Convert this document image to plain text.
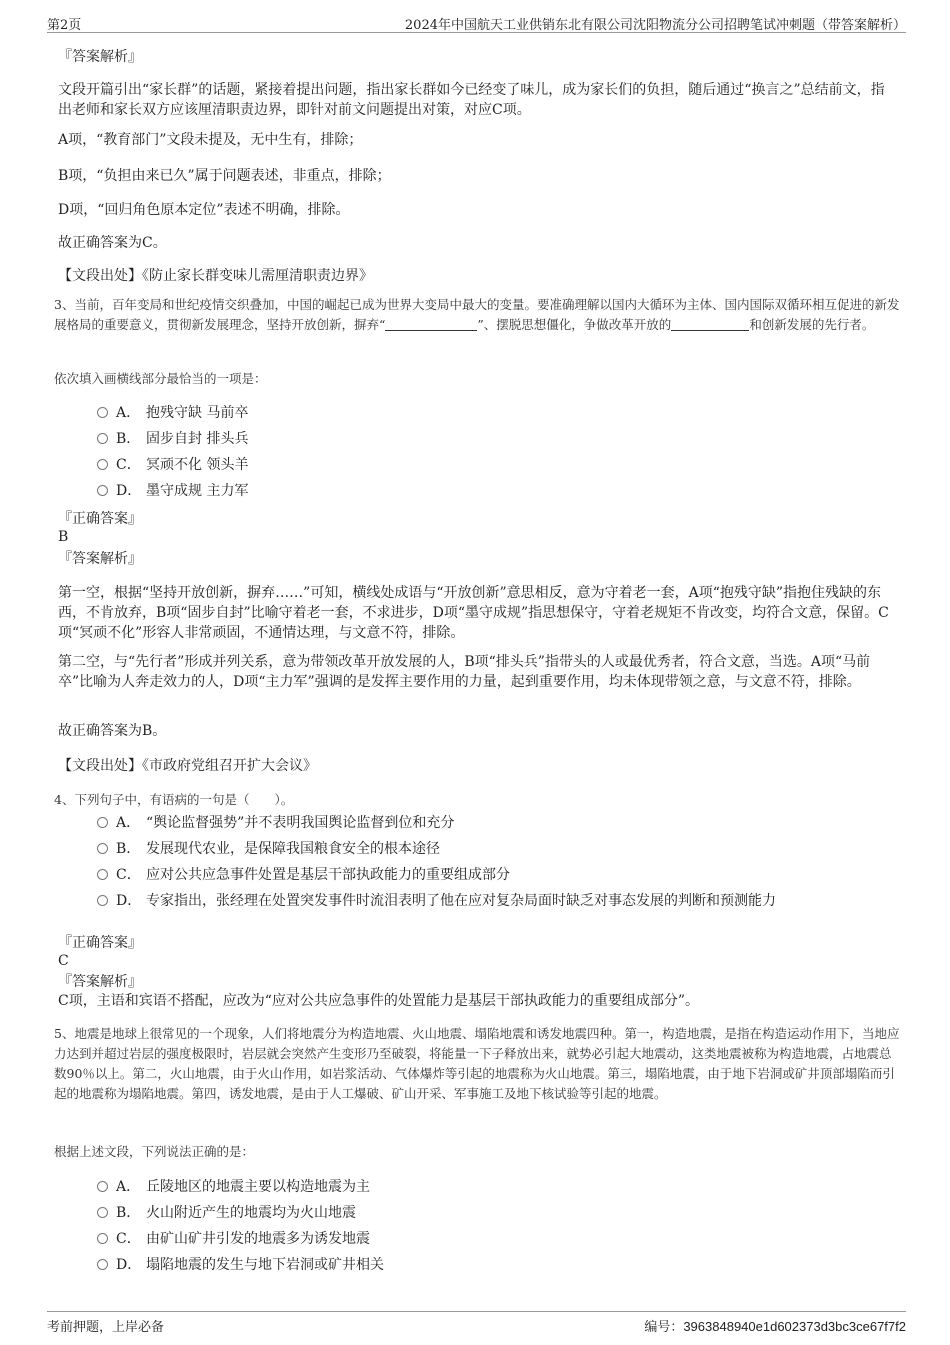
第2页	2024年中国航天工业供销东北有限公司沈阳物流分公司招聘笔试冲刺题（带答案解析）

『答案解析』

文段开篇引出“家长群”的话题，紧接着提出问题，指出家长群如今已经变了味儿，成为家长们的负担，随后通过“换言之”总结前文，指出老师和家长双方应该厘清职责边界，即针对前文问题提出对策，对应C项。

A项，“教育部门”文段未提及，无中生有，排除；

B项，“负担由来已久”属于问题表述，非重点，排除；

D项，“回归角色原本定位”表述不明确，排除。

故正确答案为C。

【文段出处】《防止家长群变味儿需厘清职责边界》

3、当前，百年变局和世纪疫情交织叠加，中国的崛起已成为世界大变局中最大的变量。要准确理解以国内大循环为主体、国内国际双循环相互促进的新发展格局的重要意义，贯彻新发展理念，坚持开放创新，摒弃“	”、摆脱思想僵化，争做改革开放的	和创新发展的先行者。

依次填入画横线部分最恰当的一项是：

A． 抱残守缺 马前卒
B． 固步自封 排头兵
C． 冥顽不化 领头羊
D． 墨守成规 主力军

『正确答案』

B

『答案解析』

第一空，根据“坚持开放创新，摒弃……”可知，横线处成语与“开放创新”意思相反，意为守着老一套，A项“抱残守缺”指抱住残缺的东西，不肯放弃，B项“固步自封”比喻守着老一套，不求进步，D项“墨守成规”指思想保守，守着老规矩不肯改变，均符合文意，保留。C项“冥顽不化”形容人非常顽固，不通情达理，与文意不符，排除。

第二空，与“先行者”形成并列关系，意为带领改革开放发展的人，B项“排头兵”指带头的人或最优秀者，符合文意，当选。A项“马前卒”比喻为人奔走效力的人，D项“主力军”强调的是发挥主要作用的力量，起到重要作用，均未体现带领之意，与文意不符，排除。

故正确答案为B。

【文段出处】《市政府党组召开扩大会议》

4、下列句子中，有语病的一句是（　　）。

A． “舆论监督强势”并不表明我国舆论监督到位和充分
B． 发展现代农业，是保障我国粮食安全的根本途径
C． 应对公共应急事件处置是基层干部执政能力的重要组成部分
D． 专家指出，张经理在处置突发事件时流泪表明了他在应对复杂局面时缺乏对事态发展的判断和预测能力

『正确答案』

C

『答案解析』

C项，主语和宾语不搭配，应改为“应对公共应急事件的处置能力是基层干部执政能力的重要组成部分”。

5、地震是地球上很常见的一个现象，人们将地震分为构造地震、火山地震、塌陷地震和诱发地震四种。第一，构造地震，是指在构造运动作用下，当地应力达到并超过岩层的强度极限时，岩层就会突然产生变形乃至破裂，将能量一下子释放出来，就势必引起大地震动，这类地震被称为构造地震，占地震总数90％以上。第二，火山地震，由于火山作用，如岩浆活动、气体爆炸等引起的地震称为火山地震。第三，塌陷地震，由于地下岩洞或矿井顶部塌陷而引起的地震称为塌陷地震。第四，诱发地震，是由于人工爆破、矿山开采、军事施工及地下核试验等引起的地震。

根据上述文段，下列说法正确的是：

A． 丘陵地区的地震主要以构造地震为主
B． 火山附近产生的地震均为火山地震
C． 由矿山矿井引发的地震多为诱发地震
D． 塌陷地震的发生与地下岩洞或矿井相关
考前押题，上岸必备	编号：3963848940e1d602373d3bc3ce67f7f2
